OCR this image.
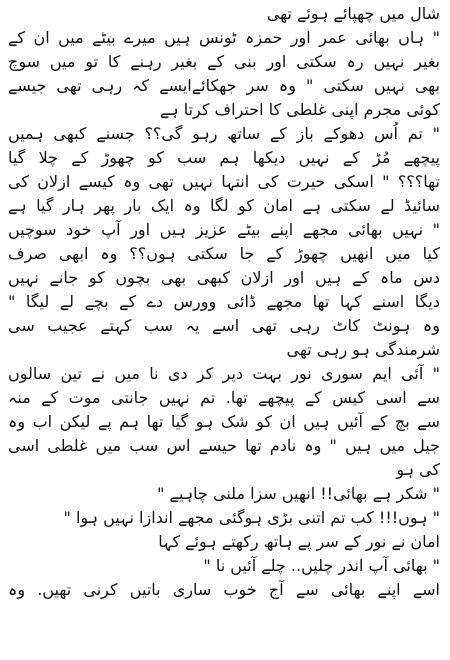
شال میں چھپائے ہوئے تھی
" ہاں بھائی عمر اور حمزہ ٹونس ہیں میرے بیٹے میں ان کے
بغیر نہیں رہ سکتی اور بنی کے بغیر رہنے کا تو میں سوچ
بھی نہیں سکتی " وہ سر جھکائےایسے کہ رہی تھی جیسے
کوئی مجرم اپنی غلطی کا احتراف کرتا ہے
" تم اُس دھوکے باز کے ساتھ رہو گی؟؟ جسنے کبھی ہمیں
پیچھے مُڑ کے نہیں دیکھا ہم سب کو چھوڑ کے چلا گیا
تھا؟؟؟ " اسکی حیرت کی انتہا نہیں تھی وہ کیسے ازلان کی
سائیڈ لے سکتی ہے امان کو لگا وہ ایک بار پھر ہار گیا ہے
" نہیں بھائی مجھے اپنے بیٹے عزیز ہیں اور آپ خود سوچیں
کیا میں انھیں چھوڑ کے جا سکتی ہوں؟؟ وہ ابھی صرف
دس ماہ کے ہیں اور ازلان کبھی بھی بچوں کو جانے نہیں
دیگا اسنے کہا تھا مجھے ڈائی وورس دے کے بچے لے لیگا "
وہ ہونٹ کاٹ رہی تھی اسے یہ سب کہتے عجیب سی
شرمندگی ہو رہی تھی
" آئی ایم سوری نور بہت دیر کر دی نا میں نے تین سالوں
سے اسی کیس کے پیچھے تھا. تم نہیں جانتی موت کے منہ
سے بچ کے آئیں ہیں ان کو شک ہو گیا تھا ہم پے لیکن اب وہ
جیل میں ہیں " وہ نادم تھا حیسے اس سب میں غلطی اسی
کی ہو
" شکر ہے بھائی!! انھیں سزا ملنی چاہیے "
" ہوں!!! کب تم اتنی بڑی ہوگئی مجھے اندازا نہیں ہوا "
امان نے نور کے سر پے ہاتھ رکھتے ہوئے کہا
" بھائی آپ اندر چلیں.. چلے آئیں نا "
اسے اپنے بھائی سے آج خوب ساری باتیں کرنی تھیں. وہ
